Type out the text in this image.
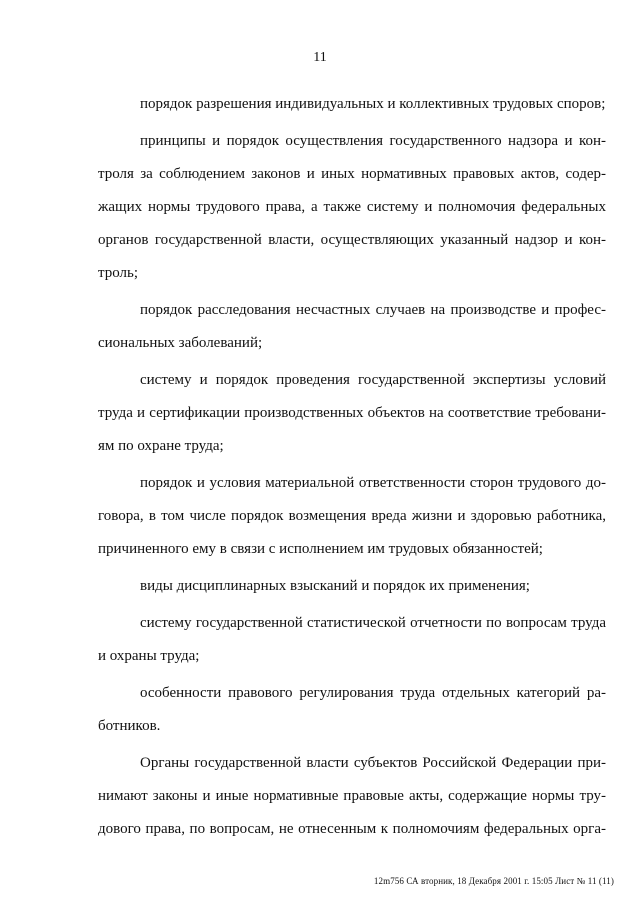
11
порядок разрешения индивидуальных и коллективных трудовых споров;
принципы и порядок осуществления государственного надзора и кон-
троля за соблюдением законов и иных нормативных правовых актов, содер-
жащих нормы трудового права, а также систему и полномочия федеральных
органов государственной власти, осуществляющих указанный надзор и кон-
троль;
порядок расследования несчастных случаев на производстве и профес-
сиональных заболеваний;
систему и порядок проведения государственной экспертизы условий
труда и сертификации производственных объектов на соответствие требовани-
ям по охране труда;
порядок и условия материальной ответственности сторон трудового до-
говора, в том числе порядок возмещения вреда жизни и здоровью работника,
причиненного ему в связи с исполнением им трудовых обязанностей;
виды дисциплинарных взысканий и порядок их применения;
систему государственной статистической отчетности по вопросам труда
и охраны труда;
особенности правового регулирования труда отдельных категорий ра-
ботников.
Органы государственной власти субъектов Российской Федерации при-
нимают законы и иные нормативные правовые акты, содержащие нормы тру-
дового права, по вопросам, не отнесенным к полномочиям федеральных орга-
12m756 СА вторник, 18 Декабря 2001 г. 15:05 Лист № 11 (11)
